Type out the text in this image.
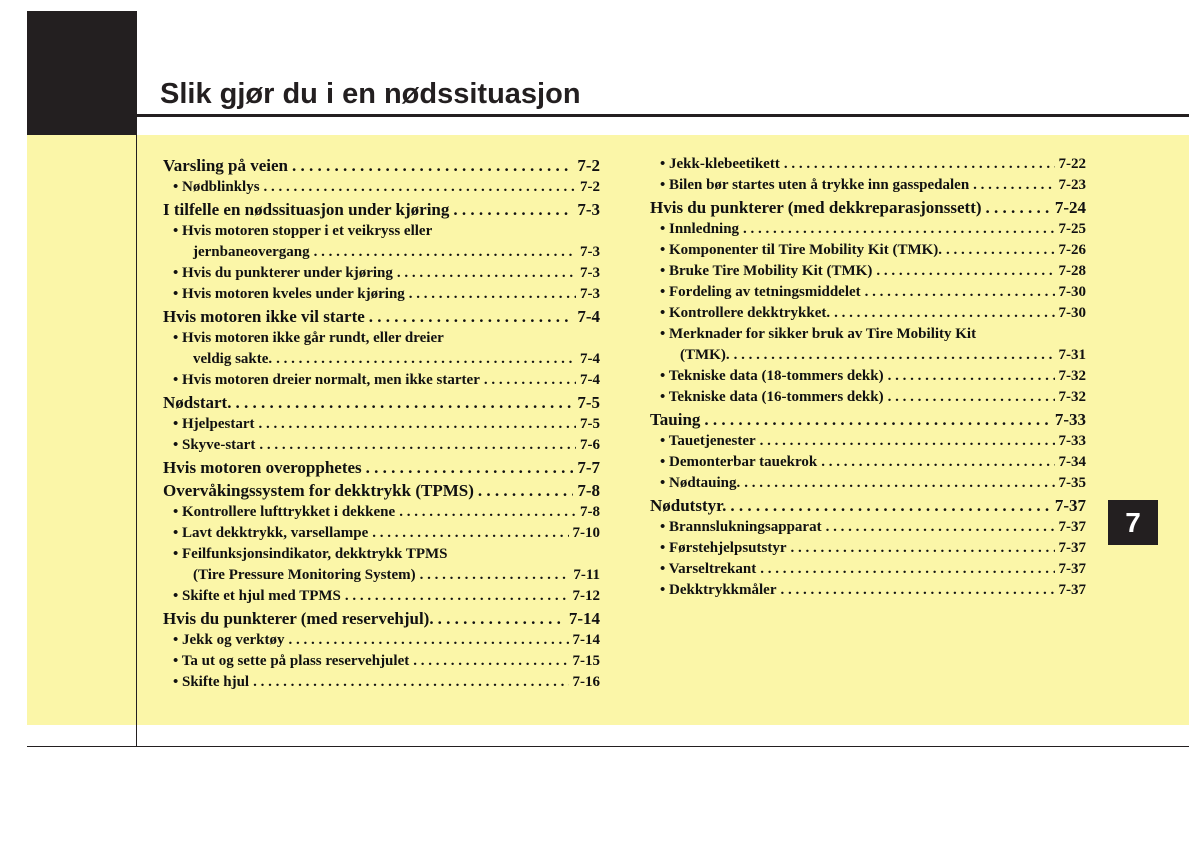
Slik gjør du i en nødssituasjon
7
Varsling på veien . . .	7-2
• Nødblinklys . . .	7-2
I tilfelle en nødssituasjon under kjøring . . .	7-3
• Hvis motoren stopper i et veikryss eller
jernbaneovergang . . .	7-3
• Hvis du punkterer under kjøring . . .	7-3
• Hvis motoren kveles under kjøring . . .	7-3
Hvis motoren ikke vil starte . . .	7-4
• Hvis motoren ikke går rundt, eller dreier
veldig sakte. . . .	7-4
• Hvis motoren dreier normalt, men ikke starter . . .	7-4
Nødstart. . . .	7-5
• Hjelpestart . . .	7-5
• Skyve-start . . .	7-6
Hvis motoren overopphetes . . .	7-7
Overvåkingssystem for dekktrykk (TPMS) . . .	7-8
• Kontrollere lufttrykket i dekkene . . .	7-8
• Lavt dekktrykk, varsellampe . . .	7-10
• Feilfunksjonsindikator, dekktrykk TPMS
(Tire Pressure Monitoring System) . . .	7-11
• Skifte et hjul med TPMS . . .	7-12
Hvis du punkterer (med reservehjul). . . .	7-14
• Jekk og verktøy . . .	7-14
• Ta ut og sette på plass reservehjulet . . .	7-15
• Skifte hjul . . .	7-16
• Jekk-klebeetikett . . .	7-22
• Bilen bør startes uten å trykke inn gasspedalen . . .	7-23
Hvis du punkterer (med dekkreparasjonssett) . . .	7-24
• Innledning . . .	7-25
• Komponenter til Tire Mobility Kit (TMK). . . .	7-26
• Bruke Tire Mobility Kit (TMK) . . .	7-28
• Fordeling av tetningsmiddelet . . .	7-30
• Kontrollere dekktrykket. . . .	7-30
• Merknader for sikker bruk av Tire Mobility Kit
(TMK). . . .	7-31
• Tekniske data (18-tommers dekk) . . .	7-32
• Tekniske data (16-tommers dekk) . . .	7-32
Tauing . . .	7-33
• Tauetjenester . . .	7-33
• Demonterbar tauekrok . . .	7-34
• Nødtauing. . . .	7-35
Nødutstyr. . . .	7-37
• Brannslukningsapparat . . .	7-37
• Førstehjelpsutstyr . . .	7-37
• Varseltrekant . . .	7-37
• Dekktrykkmåler . . .	7-37
